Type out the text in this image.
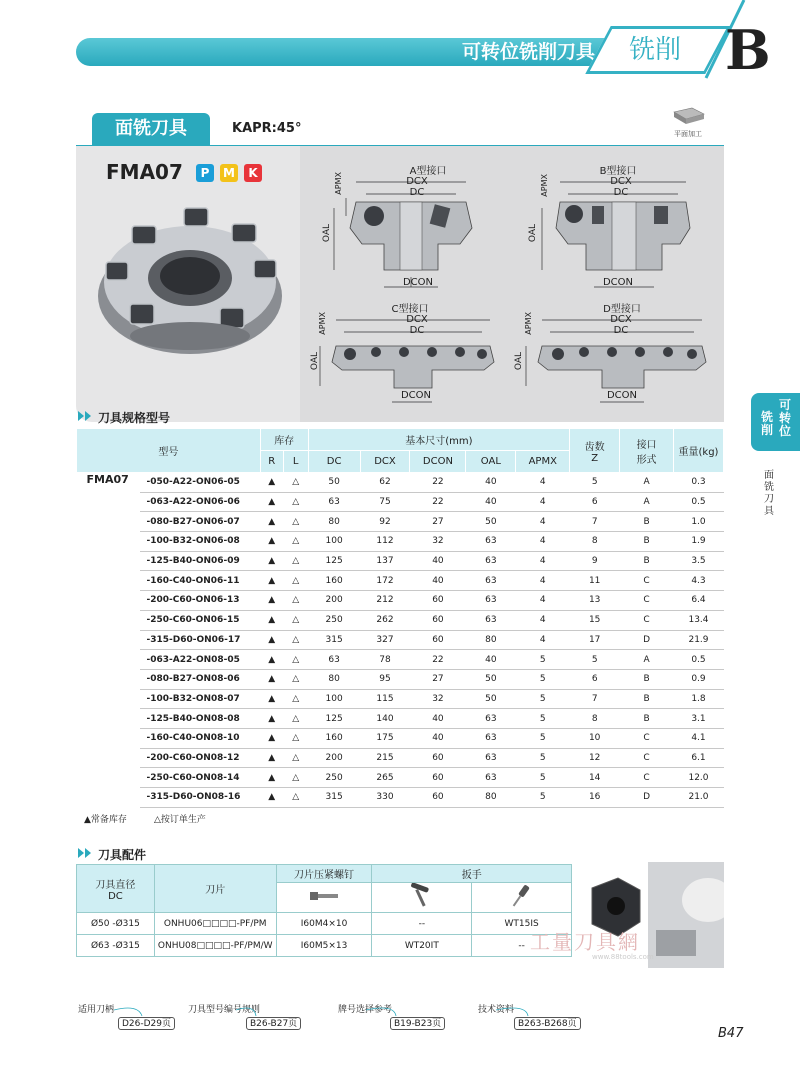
可转位铣削刀具	铣削 B
面铣刀具	KAPR:45°	平面加工
FMA07	P	M	K	A型接口
DCX
DC
DCON
APMX
OAL
B型接口
DCX
DC
DCON
APMX
OAL
C型接口
DCX
DC
DCON
APMX
OAL
D型接口
DCX
DC
DCON
APMX
OAL
刀具规格型号
型号		库存		基本尺寸(mm)					齿数
Z	接口
形式	重量(kg)
		R	L	DC	DCX	DCON	OAL	APMX			
FMA07	-050-A22-ON06-05	▲	△	50	62	22	40	4	5	A	0.3
	-063-A22-ON06-06	▲	△	63	75	22	40	4	6	A	0.5
	-080-B27-ON06-07	▲	△	80	92	27	50	4	7	B	1.0
	-100-B32-ON06-08	▲	△	100	112	32	63	4	8	B	1.9
	-125-B40-ON06-09	▲	△	125	137	40	63	4	9	B	3.5
	-160-C40-ON06-11	▲	△	160	172	40	63	4	11	C	4.3
	-200-C60-ON06-13	▲	△	200	212	60	63	4	13	C	6.4
	-250-C60-ON06-15	▲	△	250	262	60	63	4	15	C	13.4
	-315-D60-ON06-17	▲	△	315	327	60	80	4	17	D	21.9
	-063-A22-ON08-05	▲	△	63	78	22	40	5	5	A	0.5
	-080-B27-ON08-06	▲	△	80	95	27	50	5	6	B	0.9
	-100-B32-ON08-07	▲	△	100	115	32	50	5	7	B	1.8
	-125-B40-ON08-08	▲	△	125	140	40	63	5	8	B	3.1
	-160-C40-ON08-10	▲	△	160	175	40	63	5	10	C	4.1
	-200-C60-ON08-12	▲	△	200	215	60	63	5	12	C	6.1
	-250-C60-ON08-14	▲	△	250	265	60	63	5	14	C	12.0
	-315-D60-ON08-16	▲	△	315	330	60	80	5	16	D	21.0
▲常备库存	△按订单生产
刀具配件
刀具直径
DC	刀片	刀片压紧螺钉	扳手	

Ø50 -Ø315	ONHU06□□□□-PF/PM	I60M4×10	--	WT15IS
Ø63 -Ø315	ONHU08□□□□-PF/PM/W	I60M5×13	WT20IT	-- 工量刀具網
www.88tools.com
可转
位
铣
削
面
铣
刀
具
适用刀柄
D26-D29页
刀具型号编号规则
B26-B27页
牌号选择参考
B19-B23页
技术资料
B263-B268页
B47
